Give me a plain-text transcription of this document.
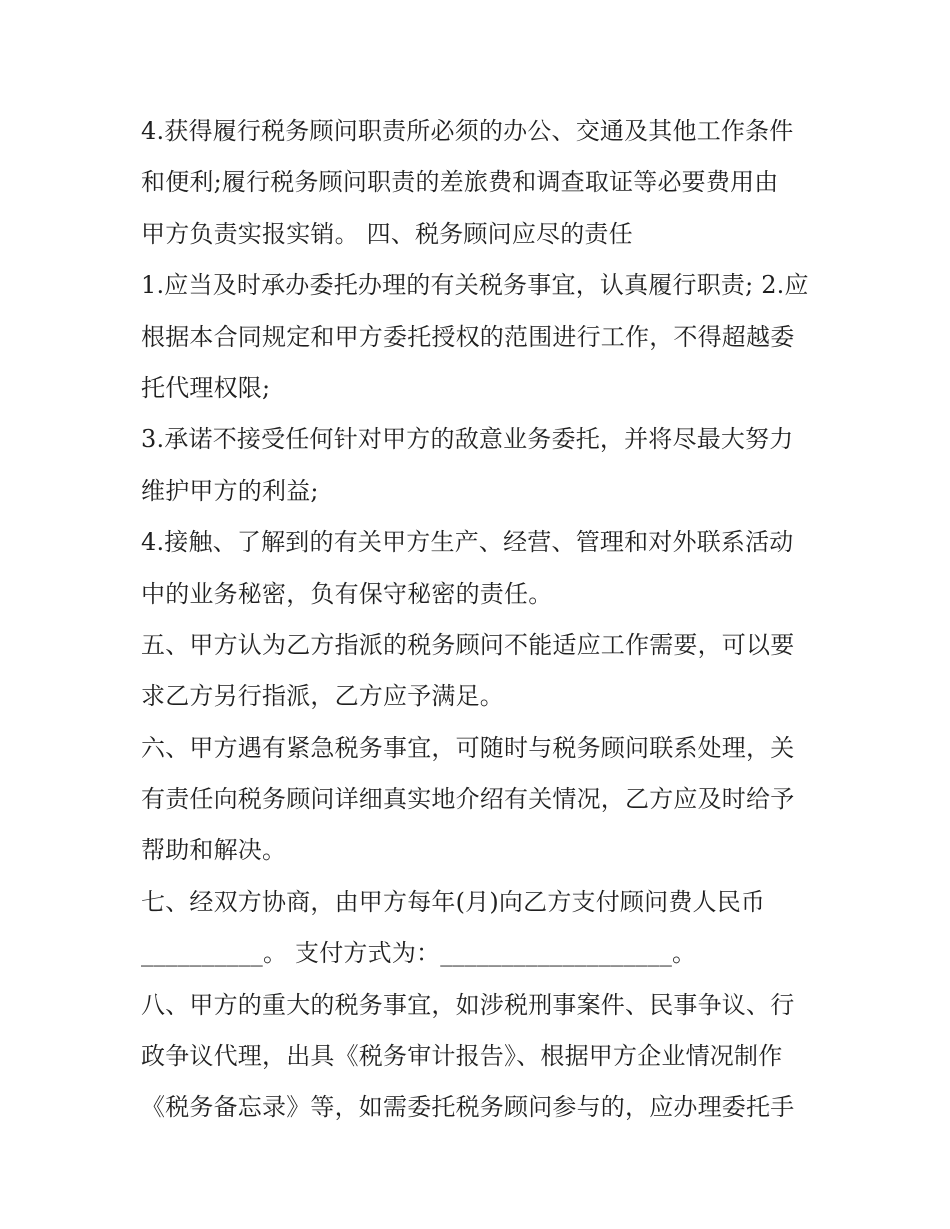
4.获得履行税务顾问职责所必须的办公、交通及其他工作条件
和便利;履行税务顾问职责的差旅费和调查取证等必要费用由
甲方负责实报实销。 四、税务顾问应尽的责任
1.应当及时承办委托办理的有关税务事宜，认真履行职责; 2.应
根据本合同规定和甲方委托授权的范围进行工作，不得超越委
托代理权限;
3.承诺不接受任何针对甲方的敌意业务委托，并将尽最大努力
维护甲方的利益;
4.接触、了解到的有关甲方生产、经营、管理和对外联系活动
中的业务秘密，负有保守秘密的责任。
五、甲方认为乙方指派的税务顾问不能适应工作需要，可以要
求乙方另行指派，乙方应予满足。
六、甲方遇有紧急税务事宜，可随时与税务顾问联系处理，关
有责任向税务顾问详细真实地介绍有关情况，乙方应及时给予
帮助和解决。
七、经双方协商，由甲方每年(月)向乙方支付顾问费人民币
__________。 支付方式为：___________________。
八、甲方的重大的税务事宜，如涉税刑事案件、民事争议、行
政争议代理，出具《税务审计报告》、根据甲方企业情况制作
《税务备忘录》等，如需委托税务顾问参与的，应办理委托手
